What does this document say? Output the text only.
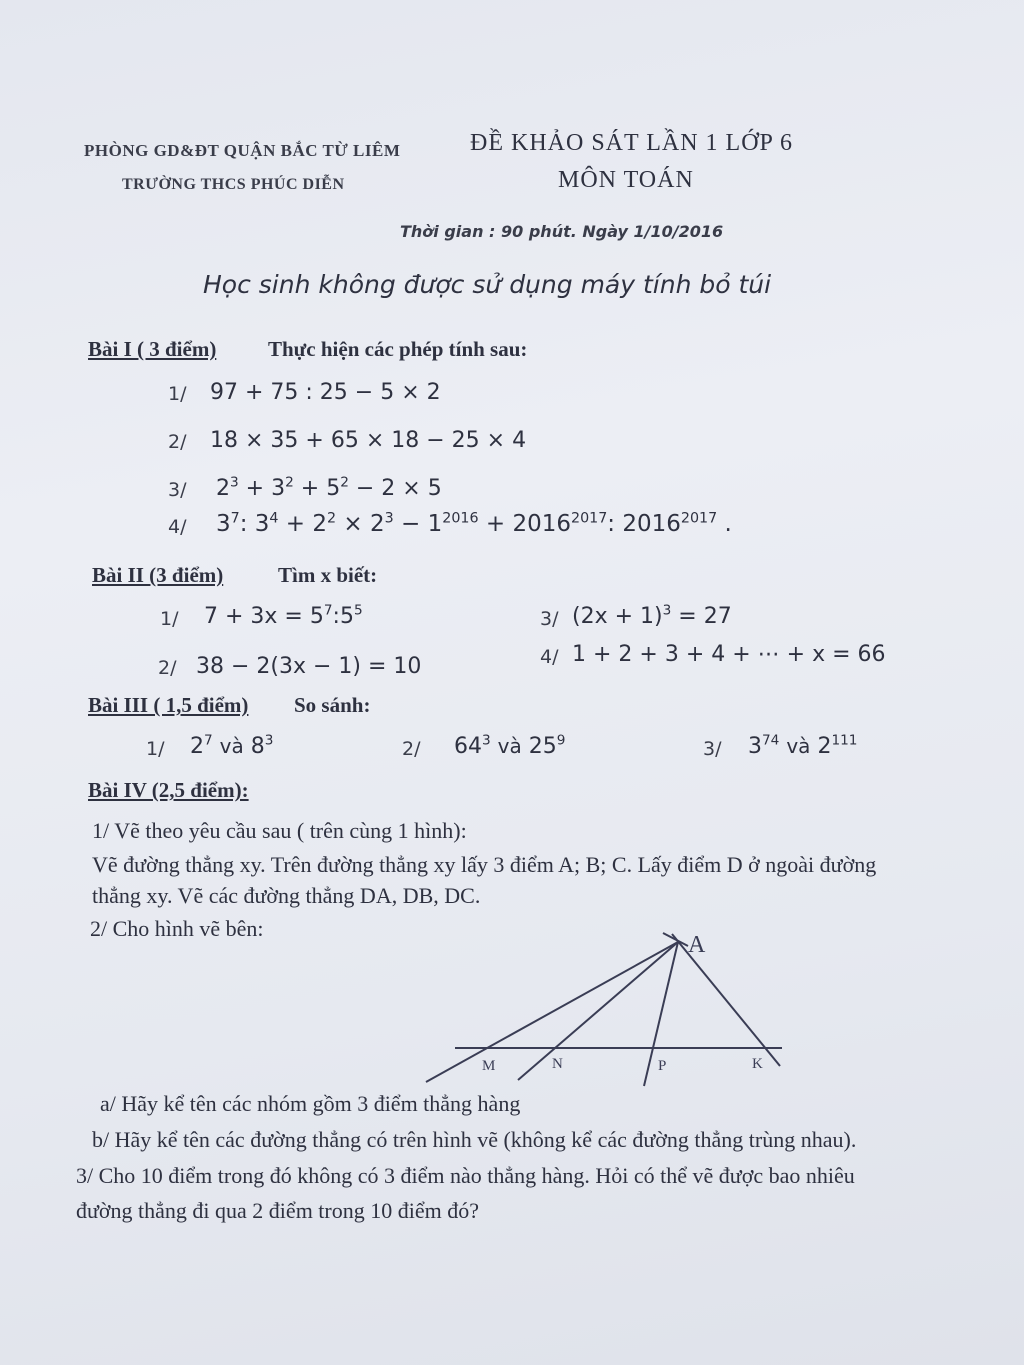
PHÒNG GD&ĐT QUẬN BẮC TỪ LIÊM
TRƯỜNG THCS PHÚC DIỄN
ĐỀ KHẢO SÁT LẦN 1 LỚP 6
MÔN TOÁN
Thời gian : 90 phút. Ngày 1/10/2016
Học sinh không được sử dụng máy tính bỏ túi
Bài I ( 3 điểm) Thực hiện các phép tính sau:
1/ 97 + 75 : 25 − 5 × 2
2/ 18 × 35 + 65 × 18 − 25 × 4
3/ $2^3 + 3^2 + 5^2 - 2 \times 5$
4/ $3^7$: $3^4 + 2^2 \times 2^3 - 1^{2016} + 2016^{2017}$: $2016^{2017}$ .
Bài II (3 điểm)	Tìm x biết:
1/ $7 + 3x = 5^7:5^5$
2/ 38 − 2(3x − 1) = 10
3/ $(2x + 1)^3 = 27$
4/ 1 + 2 + 3 + 4 + ⋯ + x = 66
Bài III ( 1,5 điểm) So sánh:
1/ $2^7$ và $8^3$	2/ $64^3$ và $25^9$	3/ $3^{74}$ và $2^{111}$
Bài IV (2,5 điểm):
1/ Vẽ theo yêu cầu sau ( trên cùng 1 hình):
Vẽ đường thẳng xy. Trên đường thẳng xy lấy 3 điểm A; B; C. Lấy điểm D ở ngoài đường
thẳng xy. Vẽ các đường thẳng DA, DB, DC.
2/ Cho hình vẽ bên:
A
M	N	P	K
a/ Hãy kể tên các nhóm gồm 3 điểm thẳng hàng
b/ Hãy kể tên các đường thẳng có trên hình vẽ (không kể các đường thẳng trùng nhau).
3/ Cho 10 điểm trong đó không có 3 điểm nào thẳng hàng. Hỏi có thể vẽ được bao nhiêu
đường thẳng đi qua 2 điểm trong 10 điểm đó?
